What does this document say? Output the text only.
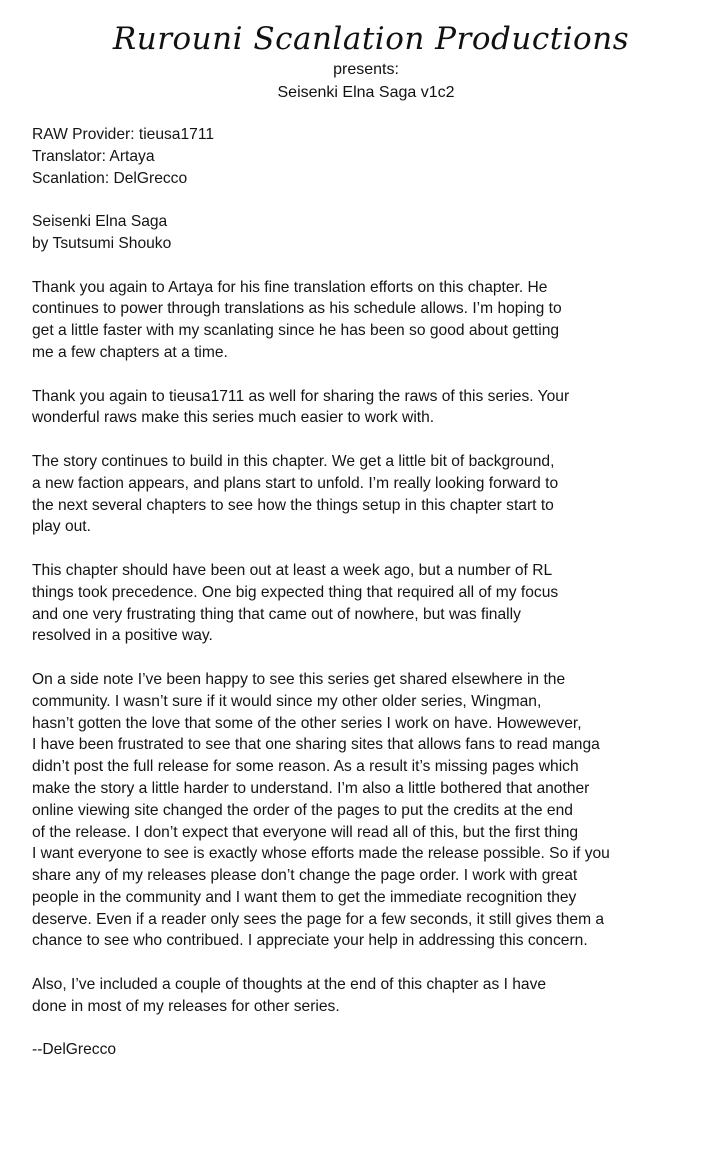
Rurouni Scanlation Productions
presents:
Seisenki Elna Saga v1c2

RAW Provider: tieusa1711
Translator: Artaya
Scanlation: DelGrecco

Seisenki Elna Saga
by Tsutsumi Shouko

Thank you again to Artaya for his fine translation efforts on this chapter. He
continues to power through translations as his schedule allows. I’m hoping to
get a little faster with my scanlating since he has been so good about getting
me a few chapters at a time.

Thank you again to tieusa1711 as well for sharing the raws of this series. Your
wonderful raws make this series much easier to work with.

The story continues to build in this chapter. We get a little bit of background,
a new faction appears, and plans start to unfold. I’m really looking forward to
the next several chapters to see how the things setup in this chapter start to
play out.

This chapter should have been out at least a week ago, but a number of RL
things took precedence. One big expected thing that required all of my focus
and one very frustrating thing that came out of nowhere, but was finally
resolved in a positive way.

On a side note I’ve been happy to see this series get shared elsewhere in the
community. I wasn’t sure if it would since my other older series, Wingman,
hasn’t gotten the love that some of the other series I work on have. Howewever,
I have been frustrated to see that one sharing sites that allows fans to read manga
didn’t post the full release for some reason. As a result it’s missing pages which
make the story a little harder to understand. I’m also a little bothered that another
online viewing site changed the order of the pages to put the credits at the end
of the release. I don’t expect that everyone will read all of this, but the first thing
I want everyone to see is exactly whose efforts made the release possible. So if you
share any of my releases please don’t change the page order. I work with great
people in the community and I want them to get the immediate recognition they
deserve. Even if a reader only sees the page for a few seconds, it still gives them a
chance to see who contribued. I appreciate your help in addressing this concern.

Also, I’ve included a couple of thoughts at the end of this chapter as I have
done in most of my releases for other series.

--DelGrecco
